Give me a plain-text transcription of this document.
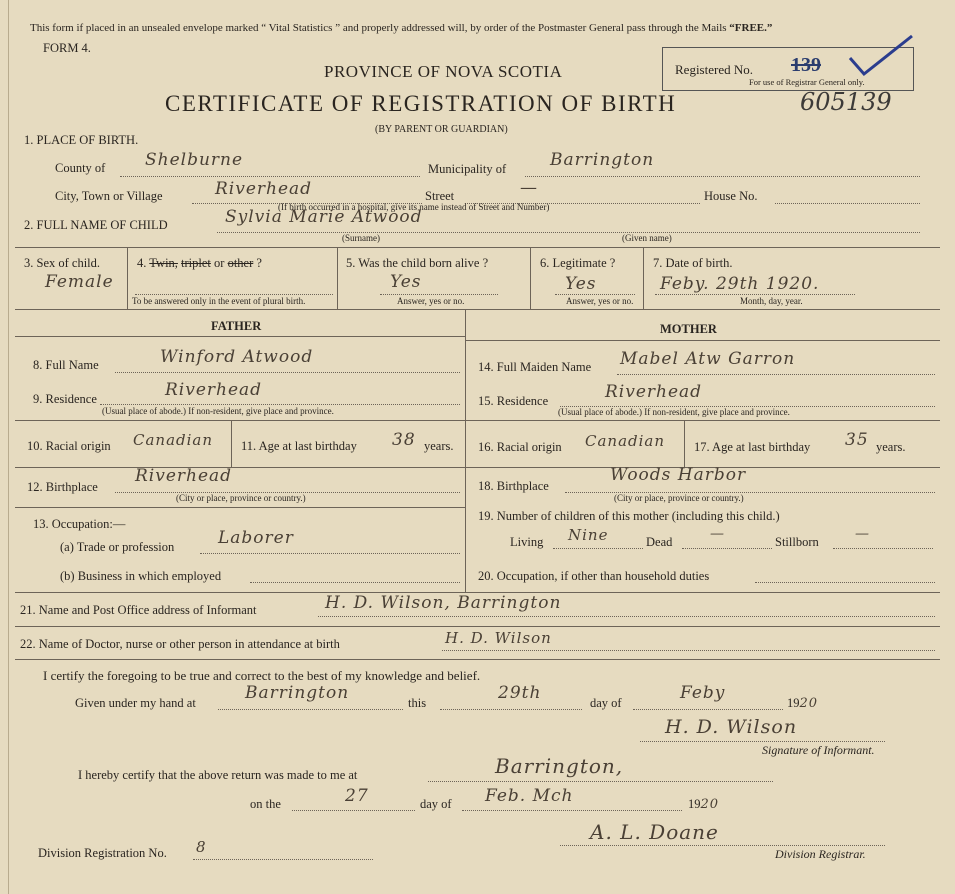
This form if placed in an unsealed envelope marked “ Vital Statistics ” and properly addressed will, by order of the Postmaster General pass through the Mails “FREE.”
FORM 4.
PROVINCE OF NOVA SCOTIA
CERTIFICATE OF REGISTRATION OF BIRTH
(BY PARENT OR GUARDIAN)
Registered No. 139
For use of Registrar General only.
605139
1. PLACE OF BIRTH.
County of Shelburne	Municipality of	Barrington
City, Town or Village	Riverhead	Street	—	House No.
(If birth occurred in a hospital, give its name instead of Street and Number)
2. FULL NAME OF CHILD	Sylvia Marie Atwood
(Surname)	(Given name)
3. Sex of child.
Female
4. Twin, triplet or other ?
To be answered only in the event of plural birth.
5. Was the child born alive ?
Yes
Answer, yes or no.
6. Legitimate ?
Yes
Answer, yes or no.
7. Date of birth.
Feby. 29th 1920.
Month, day, year.
FATHER	MOTHER
8. Full Name	Winford Atwood
9. Residence	Riverhead
(Usual place of abode.) If non-resident, give place and province.
10. Racial origin Canadian 11. Age at last birthday 38 years.
12. Birthplace
Riverhead
(City or place, province or country.)
13. Occupation:—
(a) Trade or profession	Laborer
(b) Business in which employed
14. Full Maiden Name Mabel Atw Garron
15. Residence	Riverhead
(Usual place of abode.) If non-resident, give place and province.
16. Racial origin Canadian 17. Age at last birthday 35 years.
18. Birthplace
Woods Harbor
(City or place, province or country.)
19. Number of children of this mother (including this child.)
Living Nine	Dead	—	Stillborn	—
20. Occupation, if other than household duties
21. Name and Post Office address of Informant	H. D. Wilson, Barrington
22. Name of Doctor, nurse or other person in attendance at birth	H. D. Wilson
I certify the foregoing to be true and correct to the best of my knowledge and belief.
Given under my hand at	Barrington	this	29th	day of	Feby	1920
H. D. Wilson
Signature of Informant.
I hereby certify that the above return was made to me at	Barrington,
on the	27	day of Feb. Mch	1920
A. L. Doane
Division Registrar.
Division Registration No. 8
